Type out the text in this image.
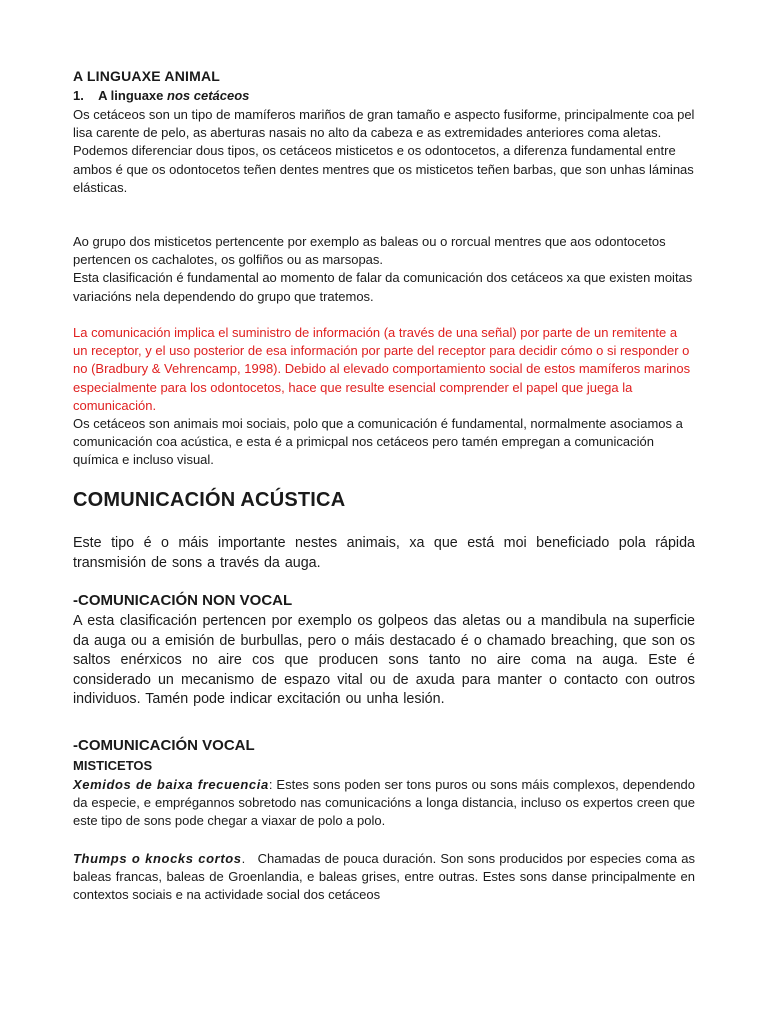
A LINGUAXE ANIMAL
1. A linguaxe nos cetáceos
Os cetáceos son un tipo de mamíferos mariños de gran tamaño e aspecto fusiforme, principalmente coa pel lisa carente de pelo, as aberturas nasais no alto da cabeza e as extremidades anteriores coma aletas.
Podemos diferenciar dous tipos, os cetáceos misticetos e os odontocetos, a diferenza fundamental entre ambos é que os odontocetos teñen dentes mentres que os misticetos teñen barbas, que son unhas láminas elásticas.
Ao grupo dos misticetos pertencente por exemplo as baleas ou o rorcual mentres que aos odontocetos pertencen os cachalotes, os golfiños ou as marsopas.
Esta clasificación é fundamental ao momento de falar da comunicación dos cetáceos xa que existen moitas variacións nela dependendo do grupo que tratemos.
La comunicación implica el suministro de información (a través de una señal) por parte de un remitente a un receptor, y el uso posterior de esa información por parte del receptor para decidir cómo o si responder o no (Bradbury & Vehrencamp, 1998). Debido al elevado comportamiento social de estos mamíferos marinos especialmente para los odontocetos, hace que resulte esencial comprender el papel que juega la comunicación.
Os cetáceos son animais moi sociais, polo que a comunicación é fundamental, normalmente asociamos a comunicación coa acústica, e esta é a primicpal nos cetáceos pero tamén empregan a comunicación química e incluso visual.
COMUNICACIÓN ACÚSTICA
Este tipo é o máis importante nestes animais, xa que está moi beneficiado pola rápida transmisión de sons a través da auga.
-COMUNICACIÓN NON VOCAL
A esta clasificación pertencen por exemplo os golpeos das aletas ou a mandibula na superficie da auga ou a emisión de burbullas, pero o máis destacado é o chamado breaching, que son os saltos enérxicos no aire cos que producen sons tanto no aire coma na auga. Este é considerado un mecanismo de espazo vital ou de axuda para manter o contacto con outros individuos. Tamén pode indicar excitación ou unha lesión.
-COMUNICACIÓN VOCAL
MISTICETOS
Xemidos de baixa frecuencia: Estes sons poden ser tons puros ou sons máis complexos, dependendo da especie, e emprégannos sobretodo nas comunicacións a longa distancia, incluso os expertos creen que este tipo de sons pode chegar a viaxar de polo a polo.
Thumps o knocks cortos.   Chamadas de pouca duración. Son sons producidos por especies coma as baleas francas, baleas de Groenlandia, e baleas grises, entre outras. Estes sons danse principalmente en contextos sociais e na actividade social dos cetáceos
